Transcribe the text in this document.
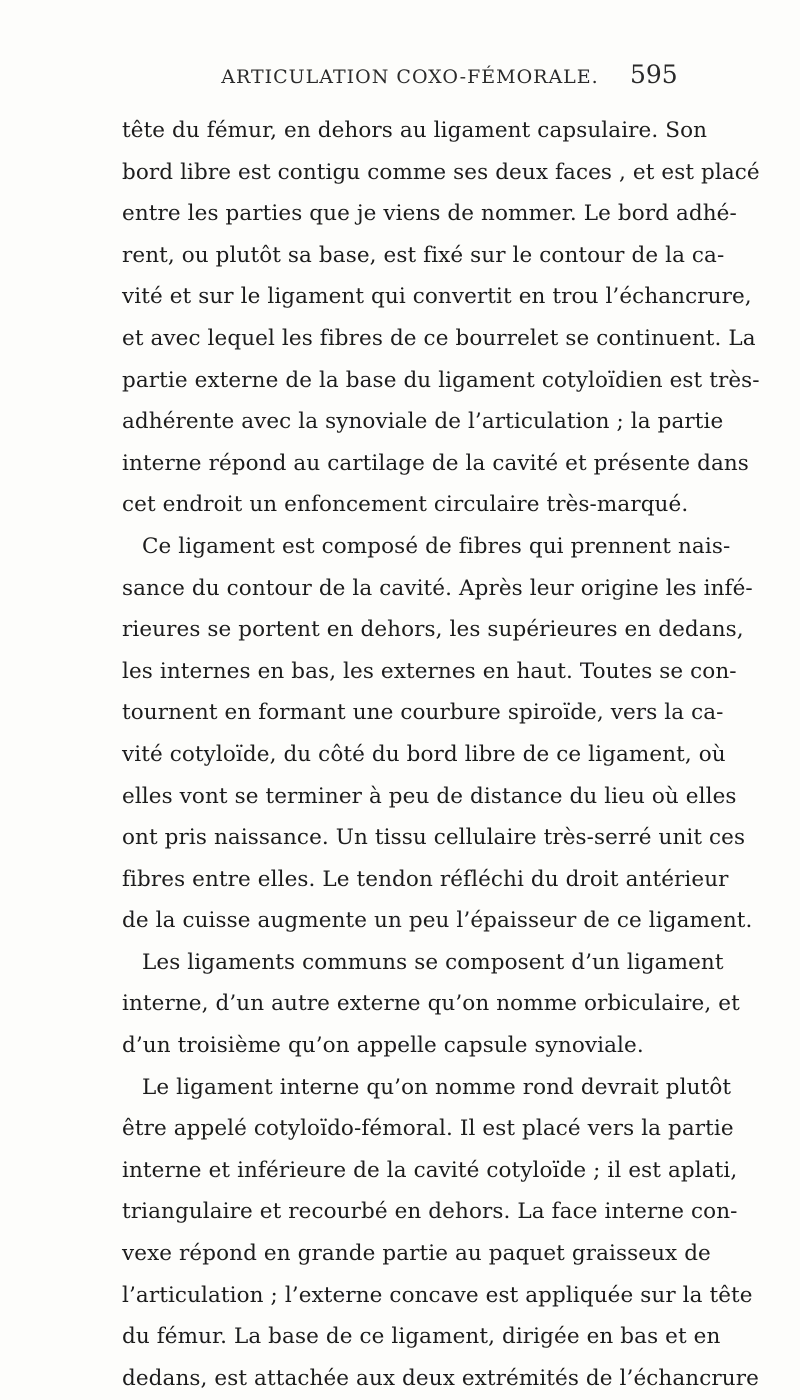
ARTICULATION COXO-FÉMORALE.	595
tête du fémur, en dehors au ligament capsulaire. Son
bord libre est contigu comme ses deux faces , et est placé
entre les parties que je viens de nommer. Le bord adhé-
rent, ou plutôt sa base, est fixé sur le contour de la ca-
vité et sur le ligament qui convertit en trou l’échancrure,
et avec lequel les fibres de ce bourrelet se continuent. La
partie externe de la base du ligament cotyloïdien est très-
adhérente avec la synoviale de l’articulation ; la partie
interne répond au cartilage de la cavité et présente dans
cet endroit un enfoncement circulaire très-marqué.
Ce ligament est composé de fibres qui prennent nais-
sance du contour de la cavité. Après leur origine les infé-
rieures se portent en dehors, les supérieures en dedans,
les internes en bas, les externes en haut. Toutes se con-
tournent en formant une courbure spiroïde, vers la ca-
vité cotyloïde, du côté du bord libre de ce ligament, où
elles vont se terminer à peu de distance du lieu où elles
ont pris naissance. Un tissu cellulaire très-serré unit ces
fibres entre elles. Le tendon réfléchi du droit antérieur
de la cuisse augmente un peu l’épaisseur de ce ligament.
Les ligaments communs se composent d’un ligament
interne, d’un autre externe qu’on nomme orbiculaire, et
d’un troisième qu’on appelle capsule synoviale.
Le ligament interne qu’on nomme rond devrait plutôt
être appelé cotyloïdo-fémoral. Il est placé vers la partie
interne et inférieure de la cavité cotyloïde ; il est aplati,
triangulaire et recourbé en dehors. La face interne con-
vexe répond en grande partie au paquet graisseux de
l’articulation ; l’externe concave est appliquée sur la tête
du fémur. La base de ce ligament, dirigée en bas et en
dedans, est attachée aux deux extrémités de l’échancrure
